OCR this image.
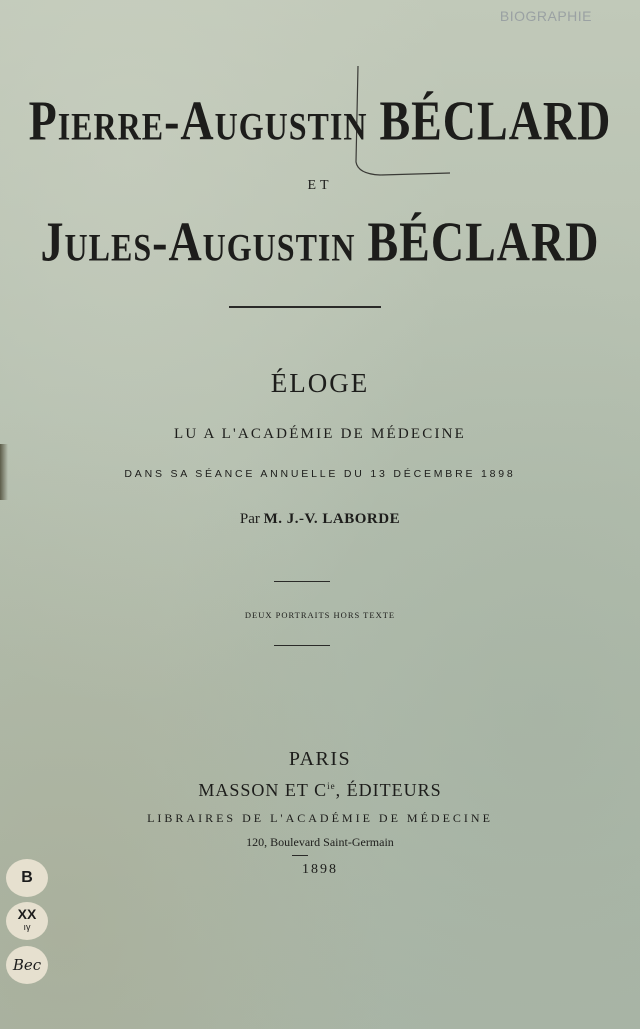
BIOGRAPHIE
Pierre-Augustin BÉCLARD
ET
Jules-Augustin BÉCLARD
ÉLOGE
LU A L'ACADÉMIE DE MÉDECINE
DANS SA SÉANCE ANNUELLE DU 13 DÉCEMBRE 1898
Par M. J.-V. LABORDE
DEUX PORTRAITS HORS TEXTE
PARIS
MASSON ET $C^{ie}$, ÉDITEURS
LIBRAIRES DE L'ACADÉMIE DE MÉDECINE
120, Boulevard Saint-Germain
1898
B
XX
ıγ
Bec
